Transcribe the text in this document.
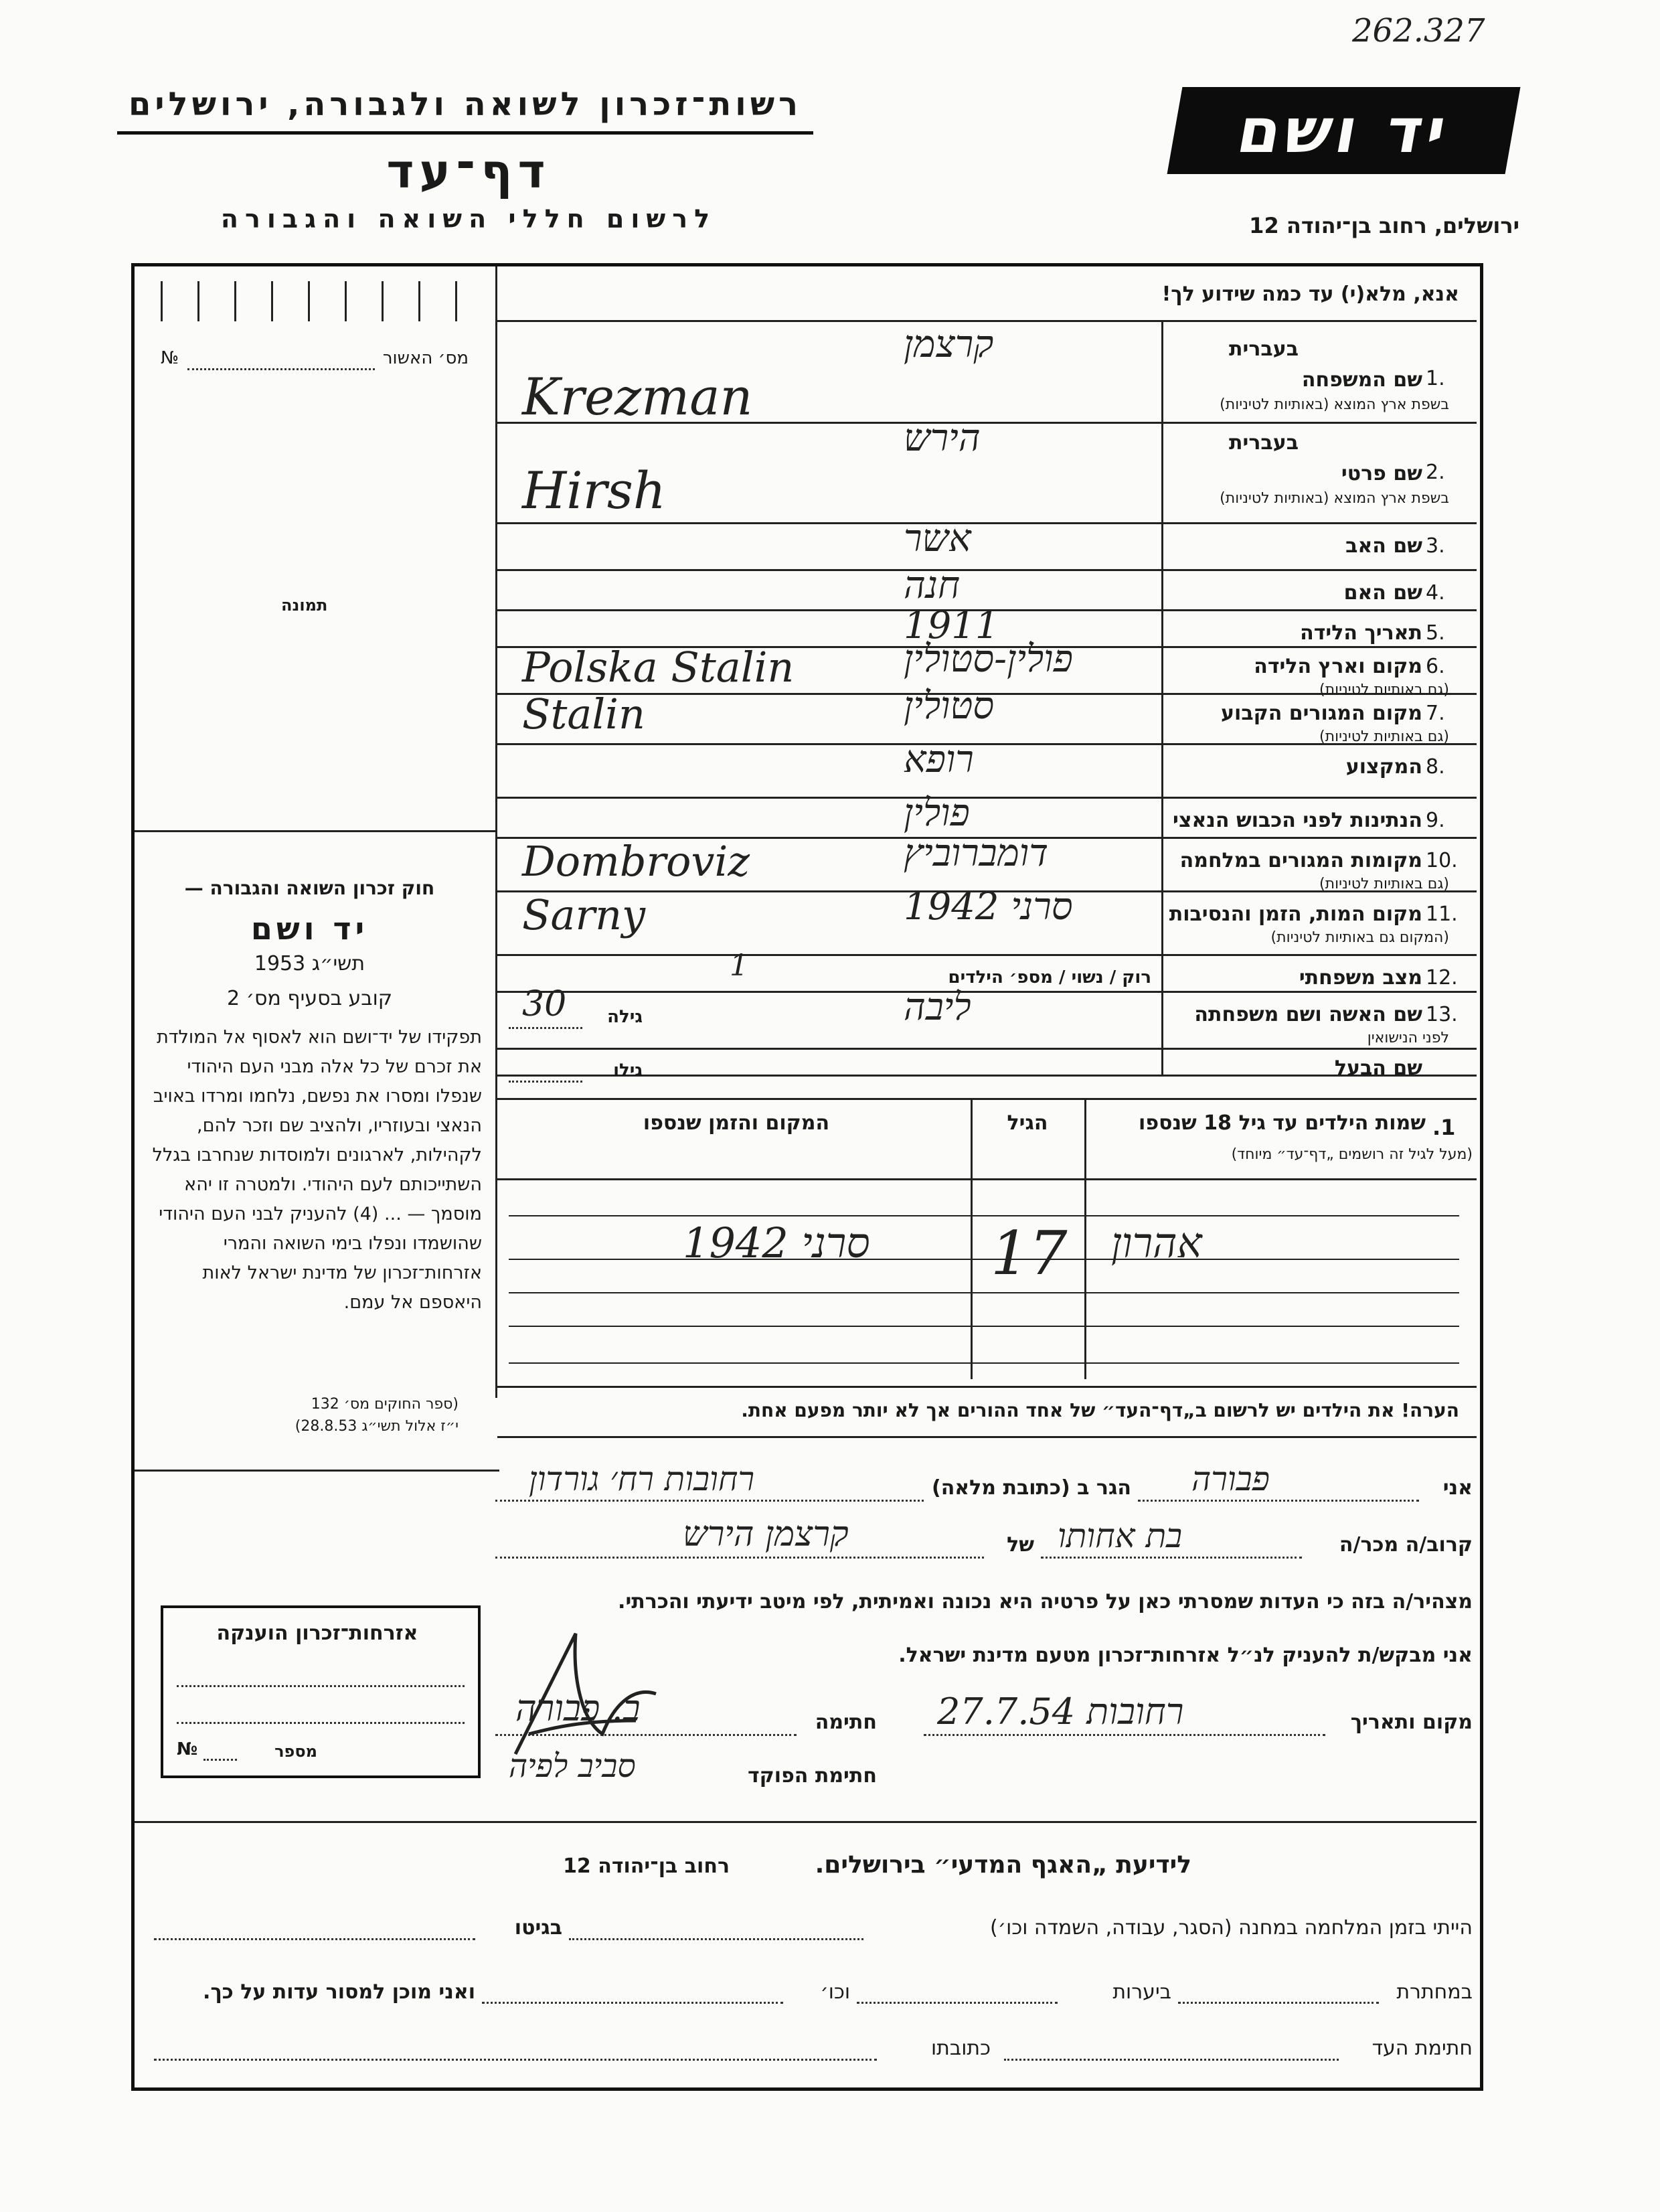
262.327
רשות־זכרון לשואה ולגבורה, ירושלים
דף־עד
לרשום חללי השואה והגבורה
יד ושם
ירושלים, רחוב בן־יהודה 12
אנא, מלא(י) עד כמה שידוע לך!
מס׳ האשור
№
תמונה
חוק זכרון השואה והגבורה —
יד ושם
תשי״ג 1953
קובע בסעיף מס׳ 2
תפקידו של יד־ושם הוא לאסוף אל המולדת את זכרם של כל אלה מבני העם היהודי שנפלו ומסרו את נפשם, נלחמו ומרדו באויב הנאצי ובעוזריו, ולהציב שם וזכר להם, לקהילות, לארגונים ולמוסדות שנחרבו בגלל השתייכותם לעם היהודי. ולמטרה זו יהא מוסמך — ... (4) להעניק לבני העם היהודי שהושמדו ונפלו בימי השואה והמרי אזרחות־זכרון של מדינת ישראל לאות היאספם אל עמם.
(ספר החוקים מס׳ 132
י״ז אלול תשי״ג 28.8.53)
1.
בעברית
שם המשפחה
בשפת ארץ המוצא (באותיות לטיניות)
קרצמן
Krezman
2.
בעברית
שם פרטי
בשפת ארץ המוצא (באותיות לטיניות)
הירש
Hirsh
3.
שם האב
אשר
4.
שם האם
חנה
5.
תאריך הלידה
1911
6.
מקום וארץ הלידה
(גם באותיות לטיניות)
פולין-סטולין
Polska Stalin
7.
מקום המגורים הקבוע
(גם באותיות לטיניות)
סטולין
Stalin
8.
המקצוע
רופא
9.
הנתינות לפני הכבוש הנאצי
פולין
10.
מקומות המגורים במלחמה
(גם באותיות לטיניות)
דומברוביץ
Dombroviz
11.
מקום המות, הזמן והנסיבות
(המקום גם באותיות לטיניות)
סרני 1942
Sarny
12.
מצב משפחתי
רוק / נשוי / מספ׳ הילדים
1
13.
שם האשה ושם משפחתה
לפני הנישואין
ליבה
גילה
30
שם הבעל
גילו
1.
שמות הילדים עד גיל 18 שנספו
(מעל לגיל זה רושמים „דף־עד״ מיוחד)
הגיל
המקום והזמן שנספו
אהרון
17
סרני 1942
הערה! את הילדים יש לרשום ב„דף־העד״ של אחד ההורים אך לא יותר מפעם אחת.
אני
פבורה
הגר ב (כתובת מלאה)
רחובות רח׳ גורדון
קרוב/ה מכר/ה
בת אחותו
של
קרצמן הירש
מצהיר/ה בזה כי העדות שמסרתי כאן על פרטיה היא נכונה ואמיתית, לפי מיטב ידיעתי והכרתי.
אני מבקש/ת להעניק לנ״ל אזרחות־זכרון מטעם מדינת ישראל.
מקום ותאריך
רחובות 27.7.54
חתימה
ב. פבורה
חתימת הפוקד
סביב לפיה
אזרחות־זכרון הוענקה
מספר
№
לידיעת „האגף המדעי״ בירושלים.
רחוב בן־יהודה 12
הייתי בזמן המלחמה במחנה (הסגר, עבודה, השמדה וכו׳)
בגיטו
במחתרת
ביערות
וכו׳
ואני מוכן למסור עדות על כך.
חתימת העד
כתובתו
